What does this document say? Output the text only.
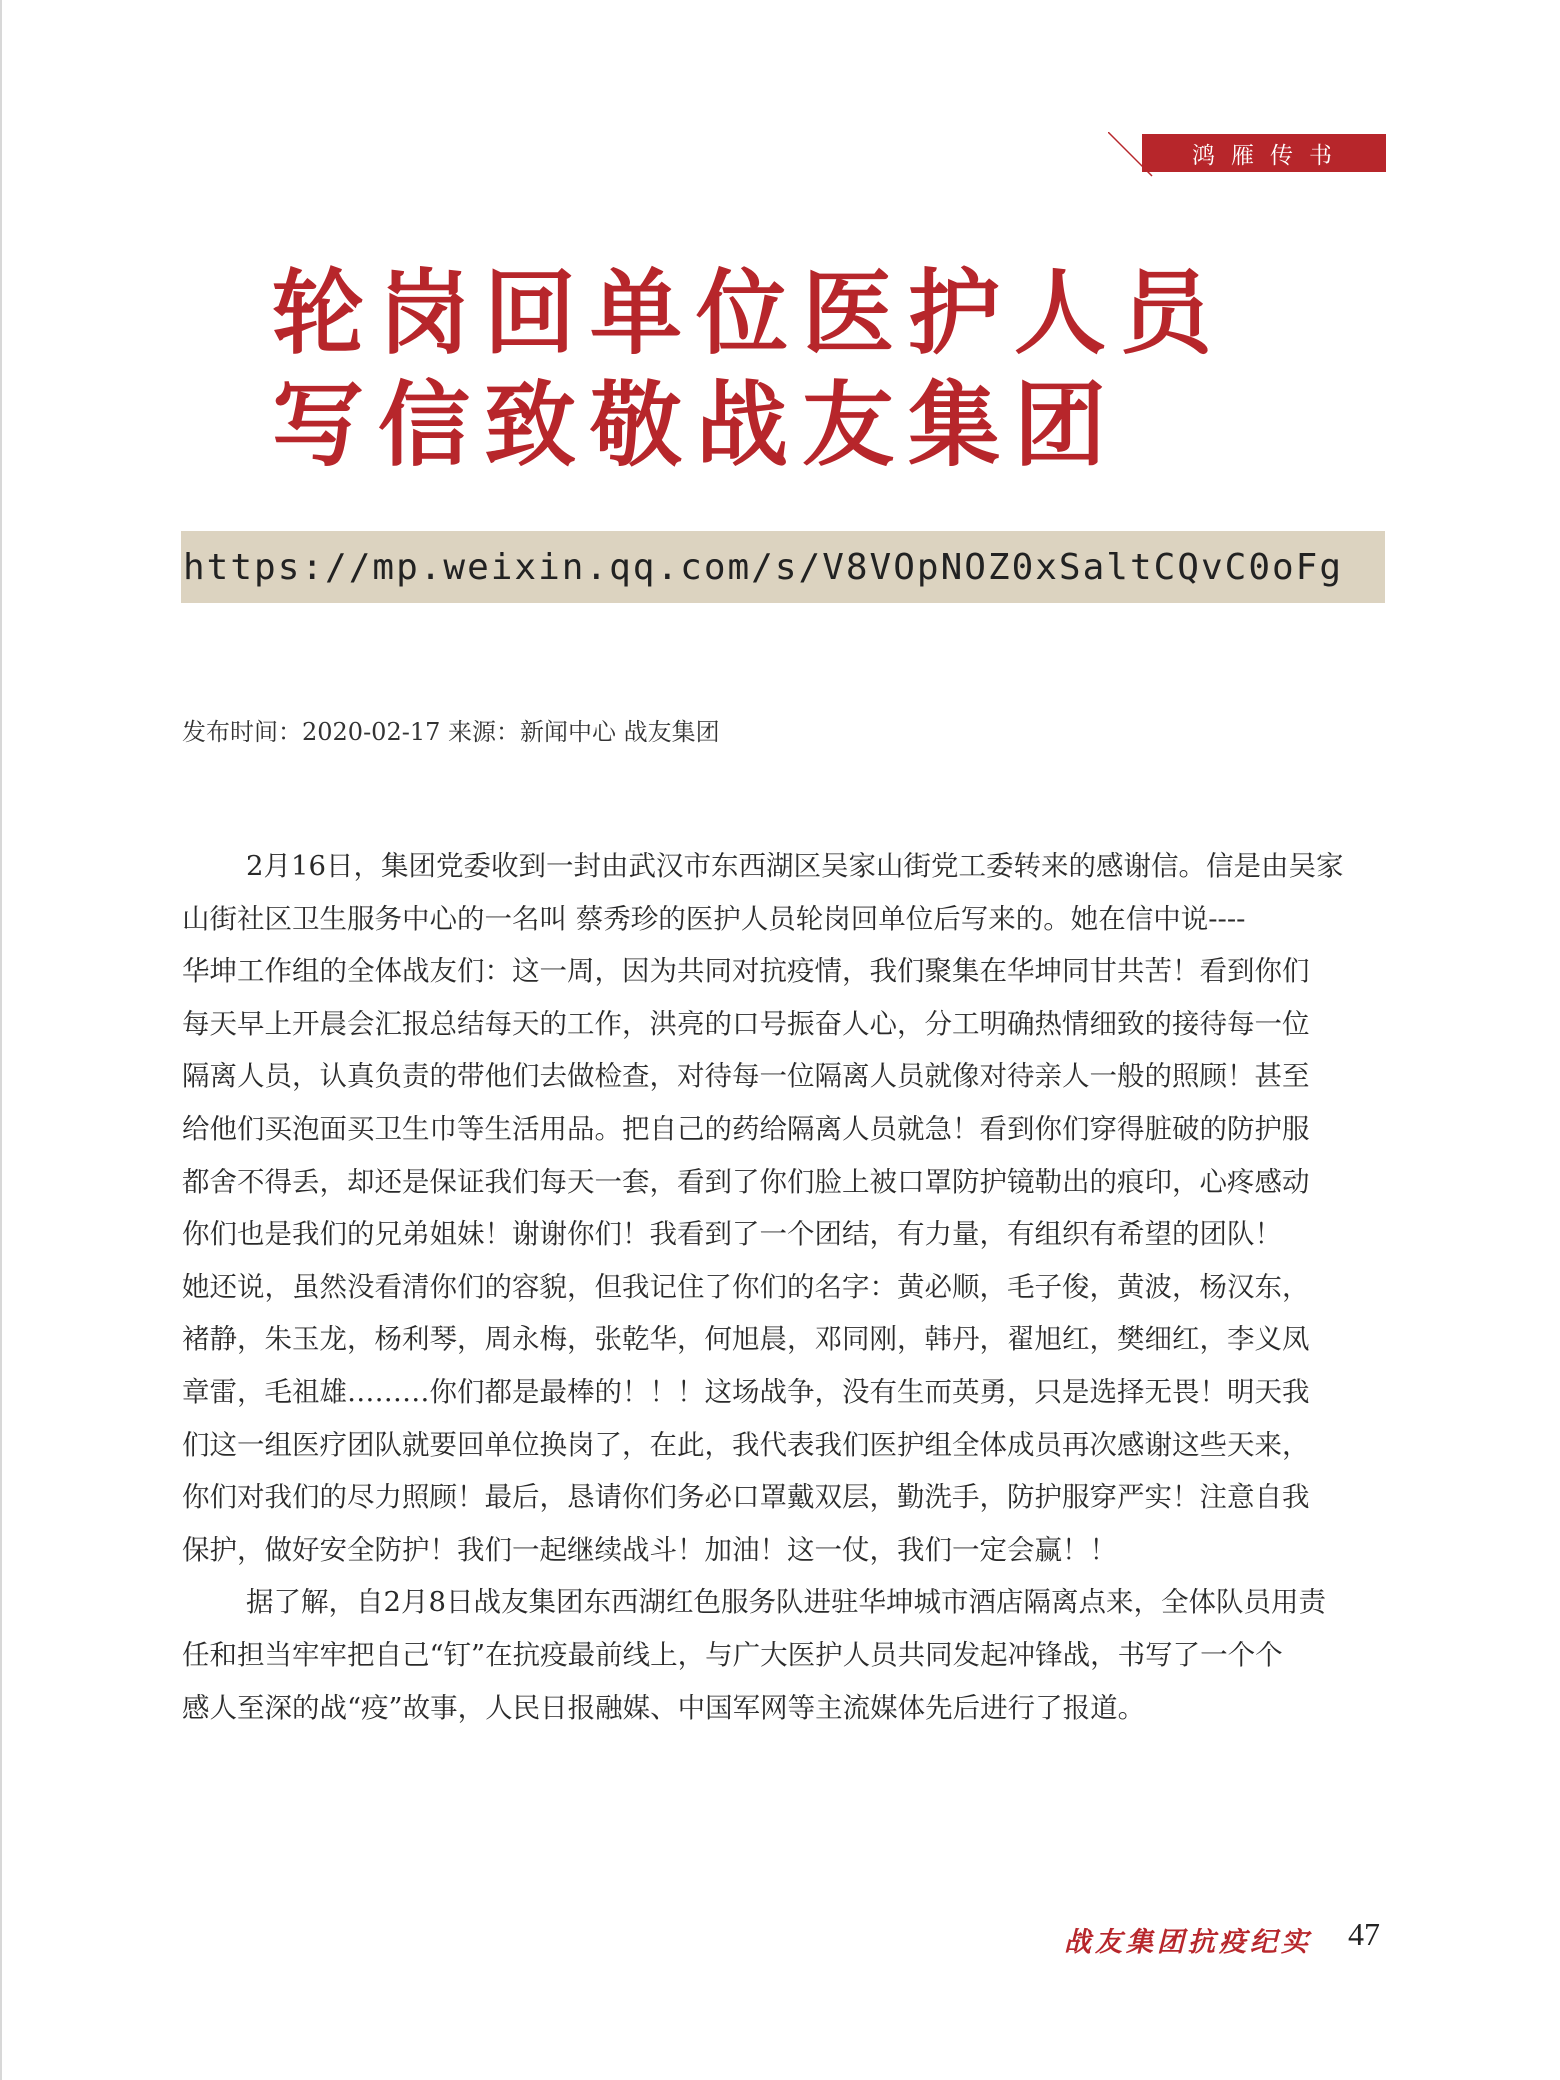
鸿雁传书
轮岗回单位医护人员
写信致敬战友集团
https://mp.weixin.qq.com/s/V8VOpNOZ0xSaltCQvC0oFg
发布时间：2020-02-17 来源：新闻中心 战友集团

2月16日，集团党委收到一封由武汉市东西湖区吴家山街党工委转来的感谢信。信是由吴家

山街社区卫生服务中心的一名叫 蔡秀珍的医护人员轮岗回单位后写来的。她在信中说----

华坤工作组的全体战友们：这一周，因为共同对抗疫情，我们聚集在华坤同甘共苦！看到你们

每天早上开晨会汇报总结每天的工作，洪亮的口号振奋人心，分工明确热情细致的接待每一位

隔离人员，认真负责的带他们去做检查，对待每一位隔离人员就像对待亲人一般的照顾！甚至

给他们买泡面买卫生巾等生活用品。把自己的药给隔离人员就急！看到你们穿得脏破的防护服

都舍不得丢，却还是保证我们每天一套，看到了你们脸上被口罩防护镜勒出的痕印，心疼感动

你们也是我们的兄弟姐妹！谢谢你们！我看到了一个团结，有力量，有组织有希望的团队！

她还说，虽然没看清你们的容貌，但我记住了你们的名字：黄必顺，毛子俊，黄波，杨汉东，

褚静，朱玉龙，杨利琴，周永梅，张乾华，何旭晨，邓同刚，韩丹，翟旭红，樊细红，李义凤

章雷，毛祖雄………你们都是最棒的！！！这场战争，没有生而英勇，只是选择无畏！明天我

们这一组医疗团队就要回单位换岗了，在此，我代表我们医护组全体成员再次感谢这些天来，

你们对我们的尽力照顾！最后，恳请你们务必口罩戴双层，勤洗手，防护服穿严实！注意自我

保护，做好安全防护！我们一起继续战斗！加油！这一仗，我们一定会赢！！

据了解，自2月8日战友集团东西湖红色服务队进驻华坤城市酒店隔离点来，全体队员用责

任和担当牢牢把自己“钉”在抗疫最前线上，与广大医护人员共同发起冲锋战，书写了一个个

感人至深的战“疫”故事，人民日报融媒、中国军网等主流媒体先后进行了报道。

战友集团抗疫纪实 47
